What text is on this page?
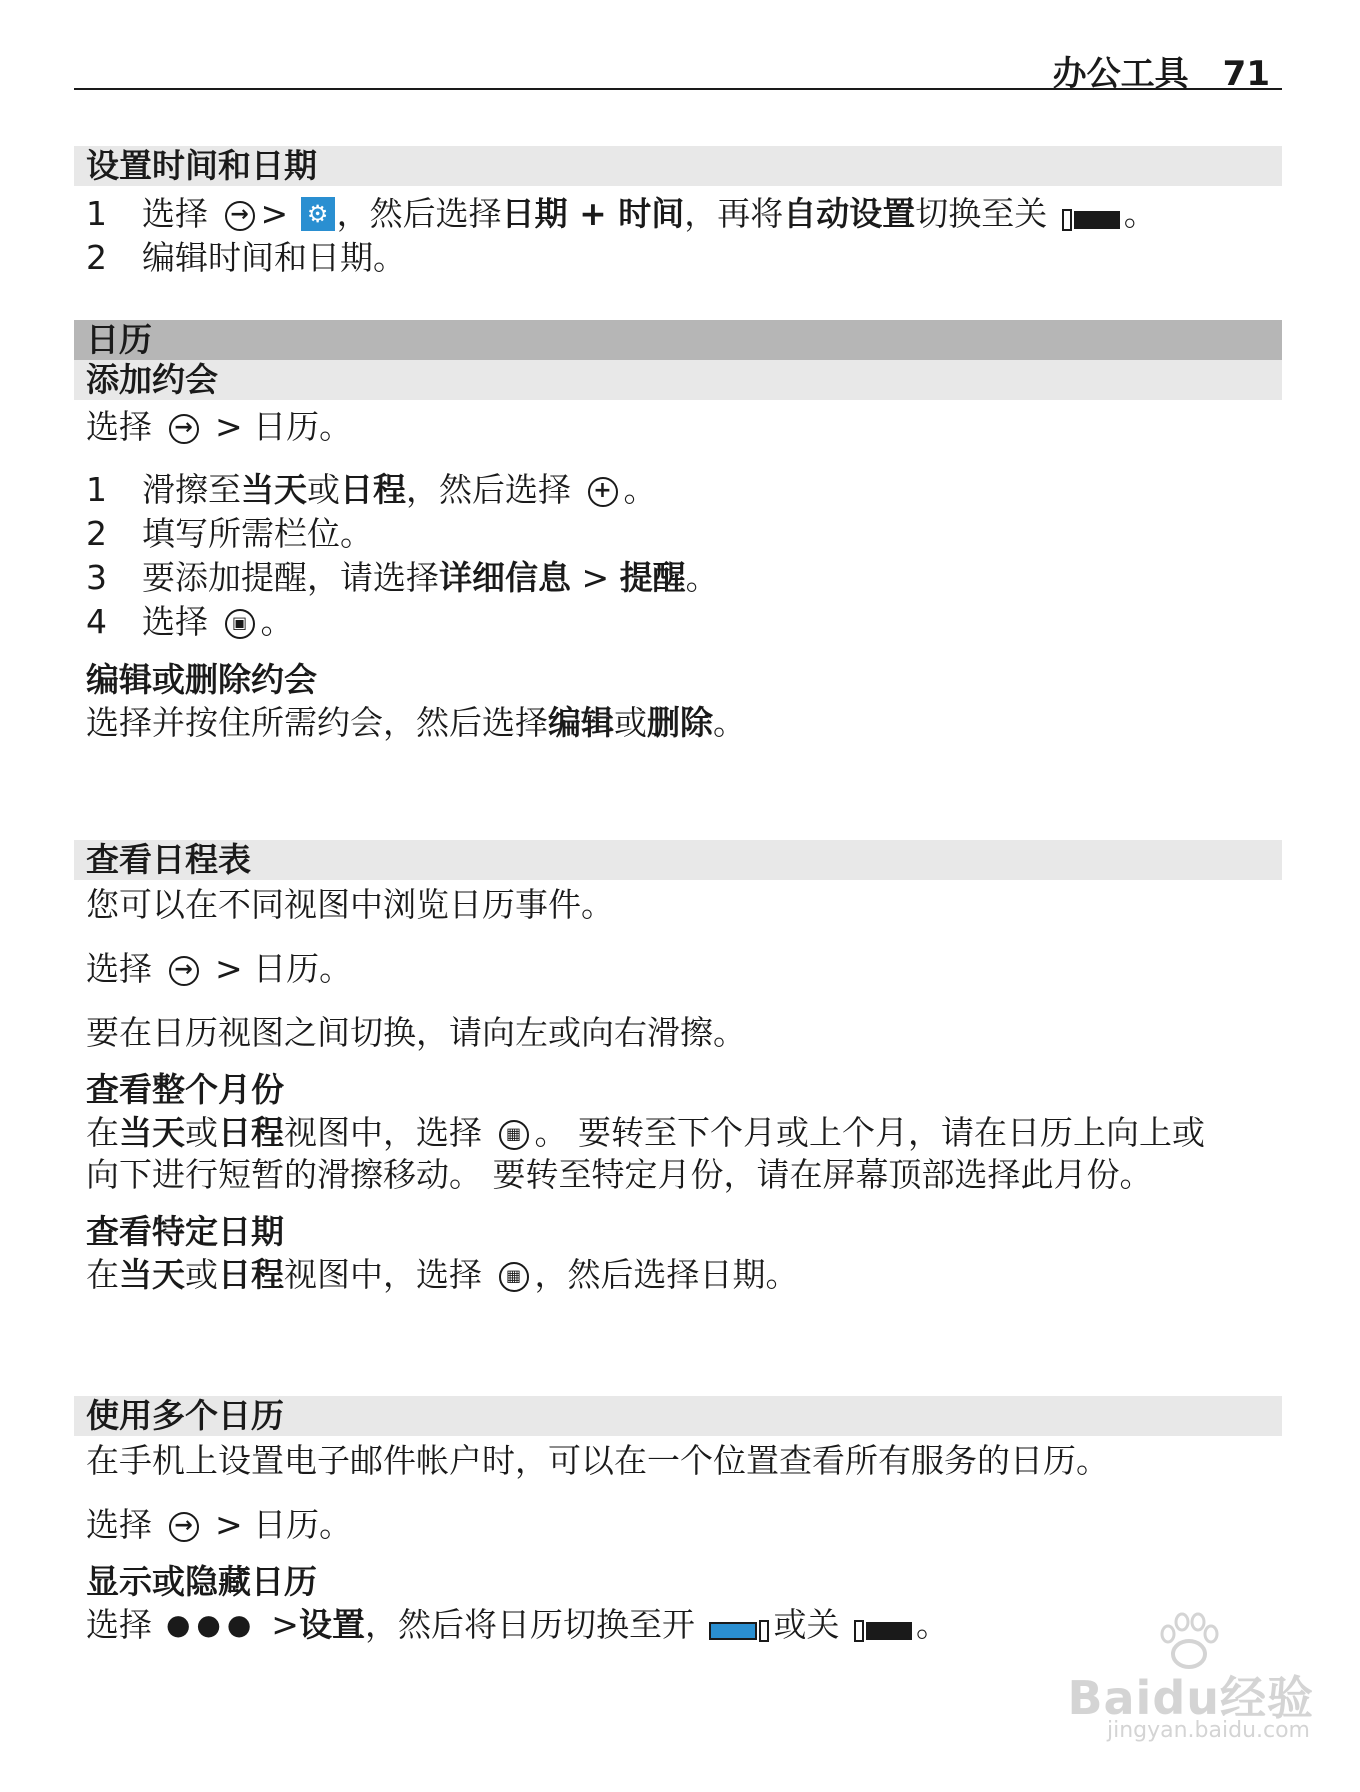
办公工具 71
设置时间和日期
1 选择 → > ⚙ ，然后选择日期 + 时间，再将自动设置切换至关 。
2 编辑时间和日期。
日历
添加约会
选择 → > 日历。
1 滑擦至当天或日程，然后选择 + 。
2 填写所需栏位。
3 要添加提醒，请选择详细信息 > 提醒。
4 选择	▣ 。
编辑或删除约会
选择并按住所需约会，然后选择编辑或删除。
查看日程表
您可以在不同视图中浏览日历事件。
选择 → > 日历。
要在日历视图之间切换，请向左或向右滑擦。
查看整个月份
在当天或日程视图中，选择	▦ 。 要转至下个月或上个月，请在日历上向上或
向下进行短暂的滑擦移动。 要转至特定月份，请在屏幕顶部选择此月份。
查看特定日期
在当天或日程视图中，选择	▦ ，然后选择日期。
使用多个日历
在手机上设置电子邮件帐户时，可以在一个位置查看所有服务的日历。
选择 → > 日历。
显示或隐藏日历
选择 ●●● >设置，然后将日历切换至开 或关 。
Baidu经验
jingyan.baidu.com
